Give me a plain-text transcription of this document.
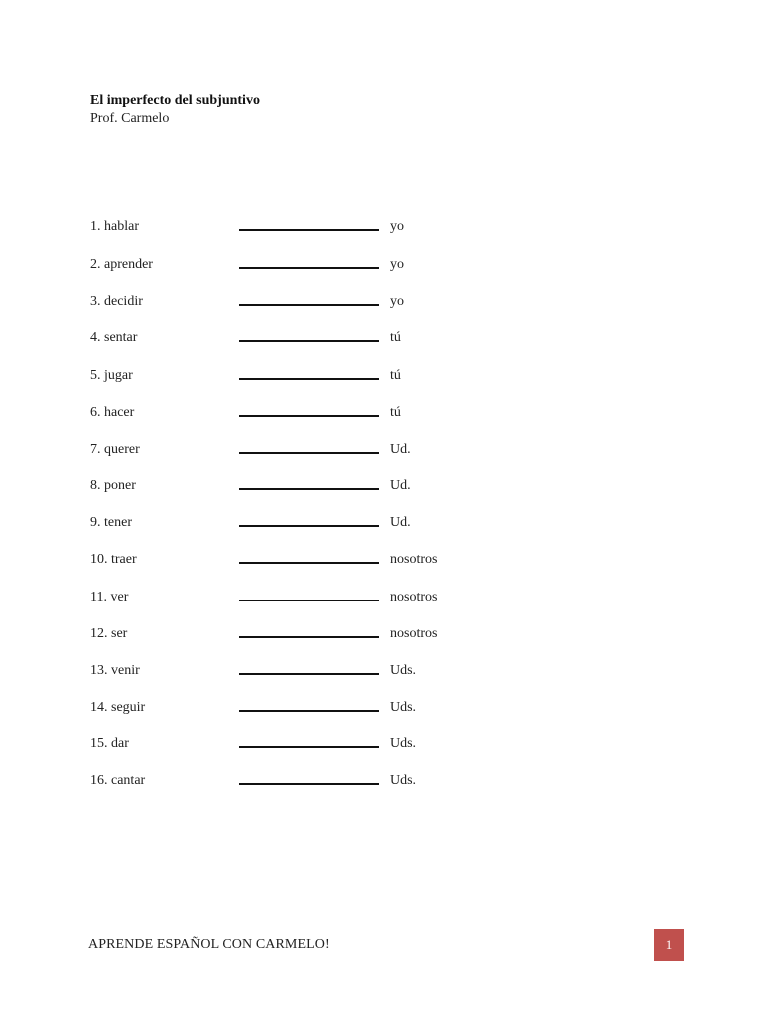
El imperfecto del subjuntivo
Prof. Carmelo
1. hablar	yo
2. aprender	yo
3. decidir	yo
4. sentar	tú
5. jugar	tú
6. hacer	tú
7. querer	Ud.
8. poner	Ud.
9. tener	Ud.
10. traer	nosotros
11. ver	nosotros
12. ser	nosotros
13. venir	Uds.
14. seguir	Uds.
15. dar	Uds.
16. cantar	Uds.
APRENDE ESPAÑOL CON CARMELO!	1
